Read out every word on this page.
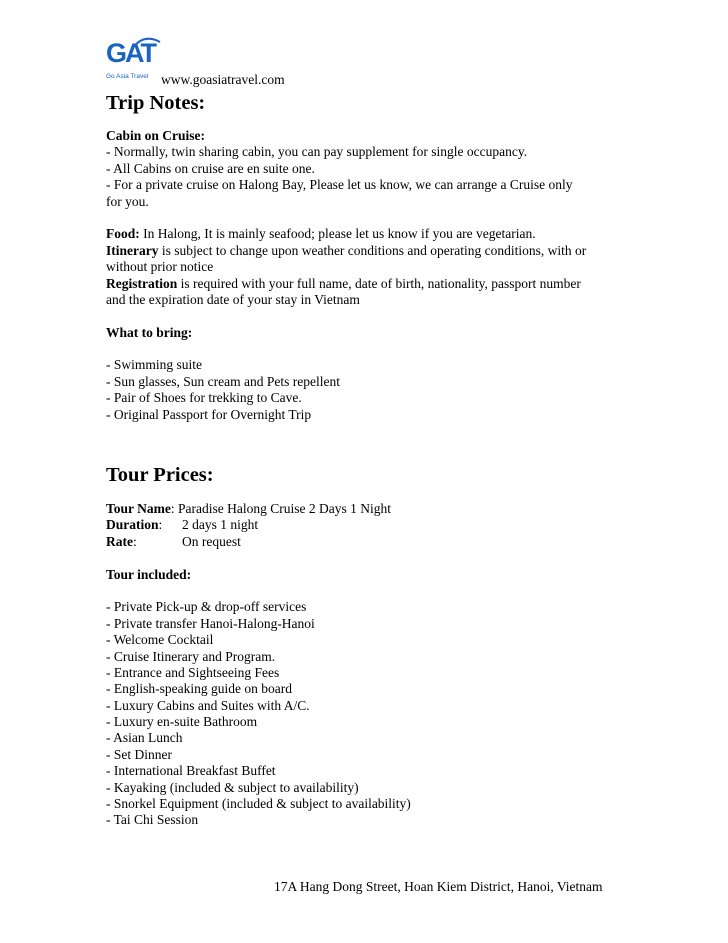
GAT
Go Asia Travel www.goasiatravel.com
Trip Notes:
Cabin on Cruise:
- Normally, twin sharing cabin, you can pay supplement for single occupancy.
- All Cabins on cruise are en suite one.
- For a private cruise on Halong Bay, Please let us know, we can arrange a Cruise only
for you.
Food: In Halong, It is mainly seafood; please let us know if you are vegetarian.
Itinerary is subject to change upon weather conditions and operating conditions, with or
without prior notice
Registration is required with your full name, date of birth, nationality, passport number
and the expiration date of your stay in Vietnam
What to bring:
- Swimming suite
- Sun glasses, Sun cream and Pets repellent
- Pair of Shoes for trekking to Cave.
- Original Passport for Overnight Trip
Tour Prices:
Tour Name: Paradise Halong Cruise 2 Days 1 Night
Duration: 2 days 1 night
Rate:	On request
Tour included:
- Private Pick-up & drop-off services
- Private transfer Hanoi-Halong-Hanoi
- Welcome Cocktail
- Cruise Itinerary and Program.
- Entrance and Sightseeing Fees
- English-speaking guide on board
- Luxury Cabins and Suites with A/C.
- Luxury en-suite Bathroom
- Asian Lunch
- Set Dinner
- International Breakfast Buffet
- Kayaking (included & subject to availability)
- Snorkel Equipment (included & subject to availability)
- Tai Chi Session
17A Hang Dong Street, Hoan Kiem District, Hanoi, Vietnam
